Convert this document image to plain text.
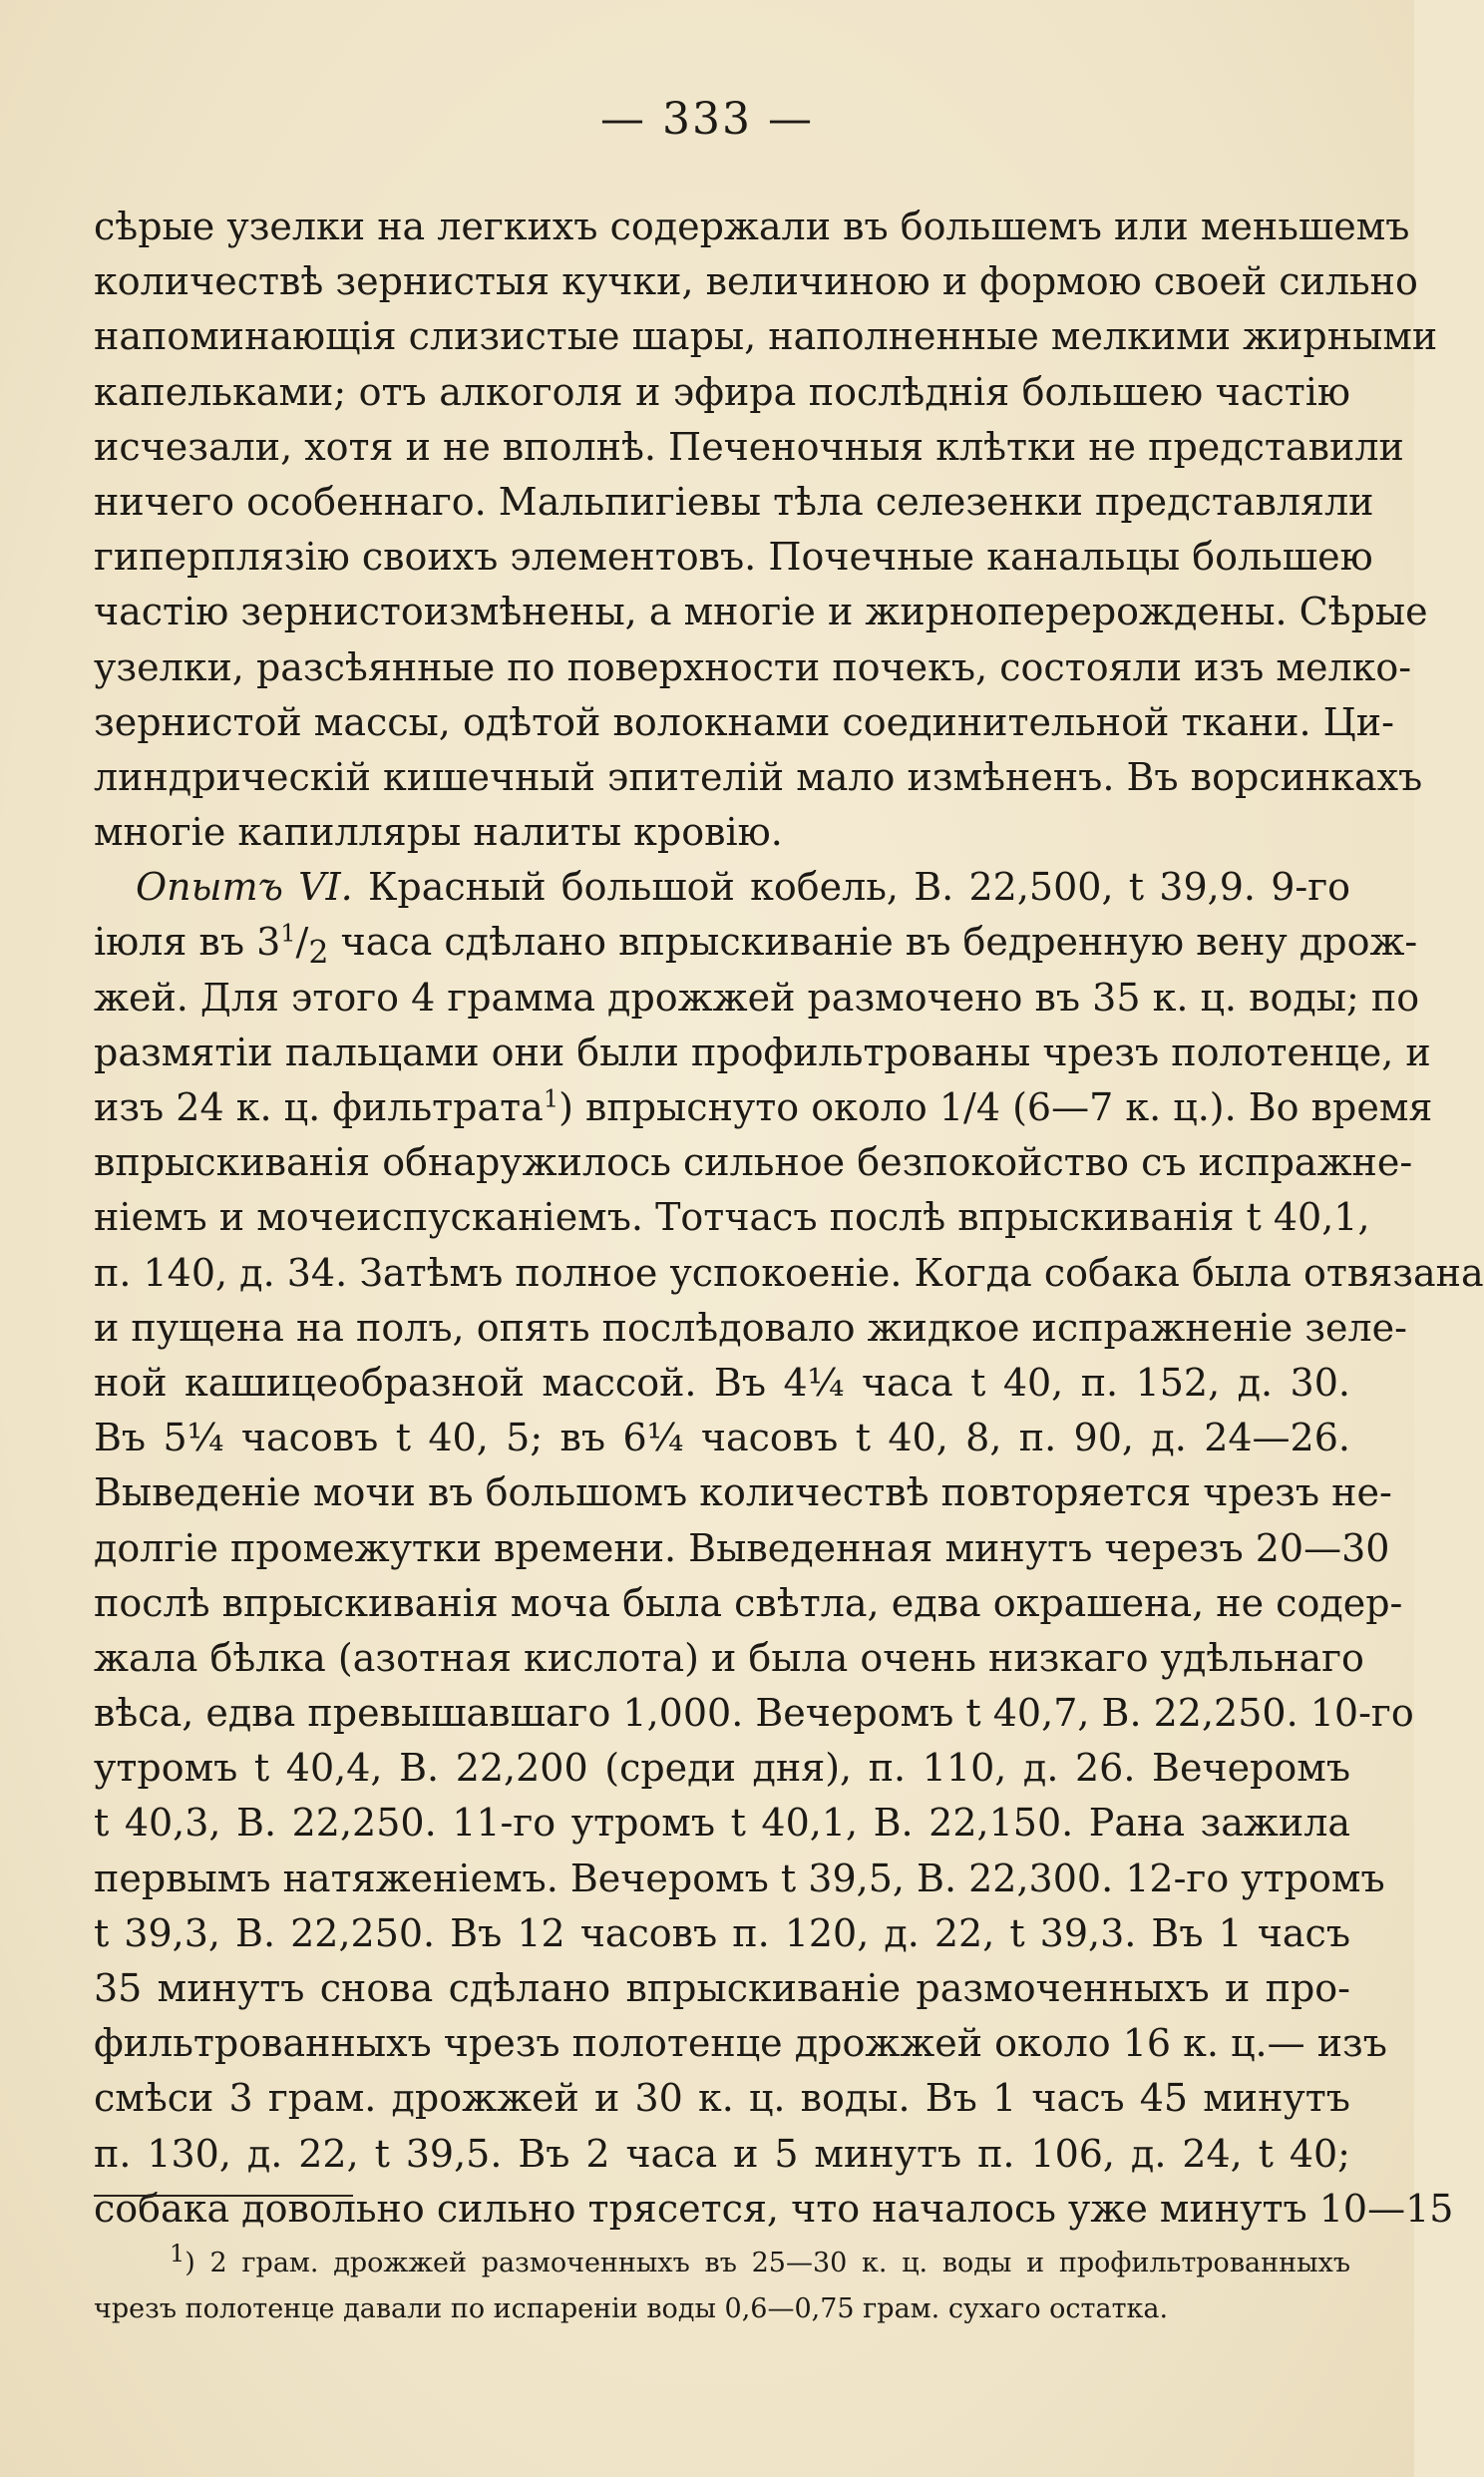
— 333 —
сѣрые узелки на легкихъ содержали въ большемъ или меньшемъ
количествѣ зернистыя кучки, величиною и формою своей сильно
напоминающія слизистые шары, наполненные мелкими жирными
капельками; отъ алкоголя и эфира послѣднія большею частію
исчезали, хотя и не вполнѣ. Печеночныя клѣтки не представили
ничего особеннаго. Мальпигіевы тѣла селезенки представляли
гиперплязію своихъ элементовъ. Почечные канальцы большею
частію зернистоизмѣнены, а многіе и жирноперерождены. Сѣрые
узелки, разсѣянные по поверхности почекъ, состояли изъ мелко-
зернистой массы, одѣтой волокнами соединительной ткани. Ци-
линдрическій кишечный эпителій мало измѣненъ. Въ ворсинкахъ
многіе капилляры налиты кровію.
Опытъ VI. Красный большой кобель, В. 22,500, t 39,9. 9-го
іюля въ $3^1/_2$ часа сдѣлано впрыскиваніе въ бедренную вену дрож-
жей. Для этого 4 грамма дрожжей размочено въ 35 к. ц. воды; по
размятіи пальцами они были профильтрованы чрезъ полотенце, и
изъ 24 к. ц. фильтрата$^1$) впрыснуто около 1/4 (6—7 к. ц.). Во время
впрыскиванія обнаружилось сильное безпокойство съ испражне-
ніемъ и мочеиспусканіемъ. Тотчасъ послѣ впрыскиванія t 40,1,
п. 140, д. 34. Затѣмъ полное успокоеніе. Когда собака была отвязана
и пущена на полъ, опять послѣдовало жидкое испражненіе зеле-
ной кашицеобразной массой. Въ 4¼ часа t 40, п. 152, д. 30.
Въ 5¼ часовъ t 40, 5; въ 6¼ часовъ t 40, 8, п. 90, д. 24—26.
Выведеніе мочи въ большомъ количествѣ повторяется чрезъ не-
долгіе промежутки времени. Выведенная минутъ черезъ 20—30
послѣ впрыскиванія моча была свѣтла, едва окрашена, не содер-
жала бѣлка (азотная кислота) и была очень низкаго удѣльнаго
вѣса, едва превышавшаго 1,000. Вечеромъ t 40,7, В. 22,250. 10-го
утромъ t 40,4, В. 22,200 (среди дня), п. 110, д. 26. Вечеромъ
t 40,3, В. 22,250. 11-го утромъ t 40,1, В. 22,150. Рана зажила
первымъ натяженіемъ. Вечеромъ t 39,5, В. 22,300. 12-го утромъ
t 39,3, В. 22,250. Въ 12 часовъ п. 120, д. 22, t 39,3. Въ 1 часъ
35 минутъ снова сдѣлано впрыскиваніе размоченныхъ и про-
фильтрованныхъ чрезъ полотенце дрожжей около 16 к. ц.— изъ
смѣси 3 грам. дрожжей и 30 к. ц. воды. Въ 1 часъ 45 минутъ
п. 130, д. 22, t 39,5. Въ 2 часа и 5 минутъ п. 106, д. 24, t 40;
собака довольно сильно трясется, что началось уже минутъ 10—15
$^1$) 2 грам. дрожжей размоченныхъ въ 25—30 к. ц. воды и профильтрованныхъ
чрезъ полотенце давали по испареніи воды 0,6—0,75 грам. сухаго остатка.
